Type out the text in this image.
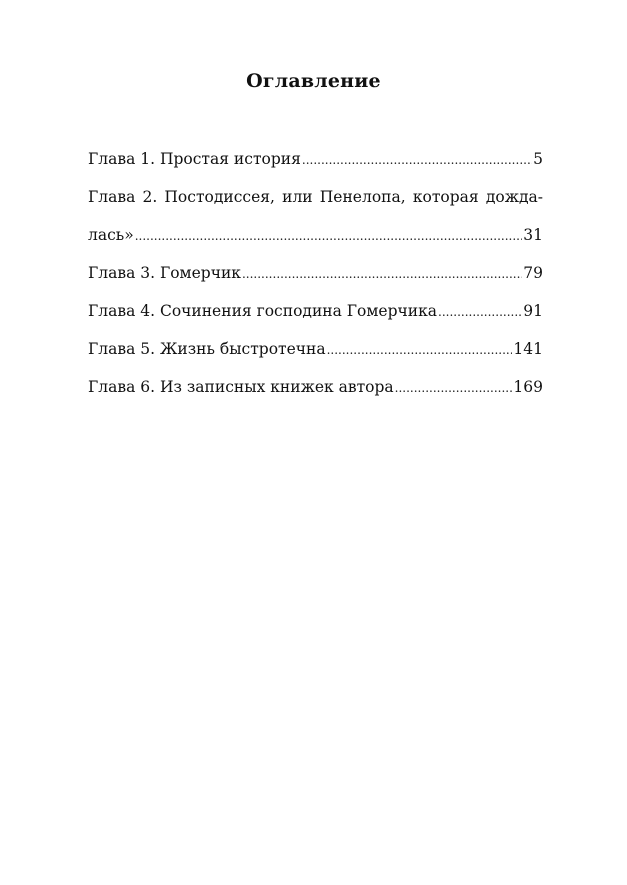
Оглавление
Глава 1. Простая история .....	5
Глава 2. Постодиссея, или Пенелопа, которая дожда-
лась» .....	31
Глава 3. Гомерчик .....	79
Глава 4. Сочинения господина Гомерчика .....	91
Глава 5. Жизнь быстротечна .....	141
Глава 6. Из записных книжек автора .....	169
